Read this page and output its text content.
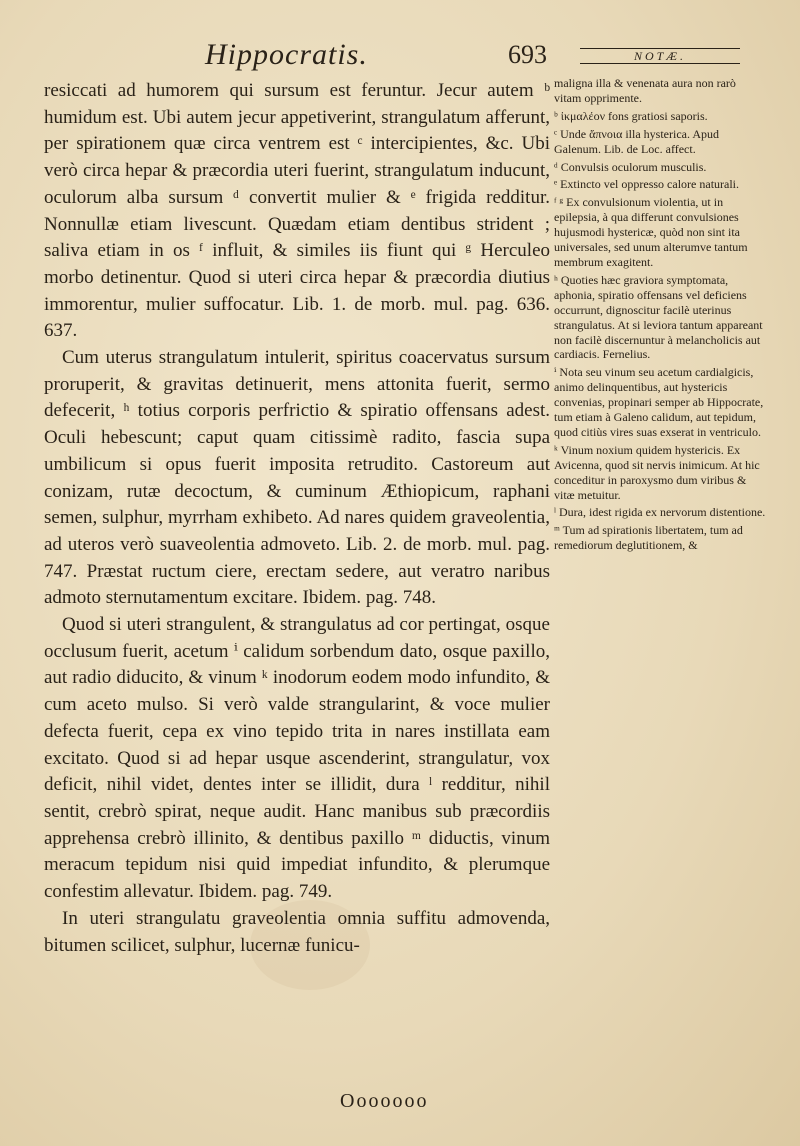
Hippocratis.	693	NOTÆ.

resiccati ad humorem qui sursum est feruntur. Jecur autem ᵇ humidum est. Ubi autem jecur appetiverint, strangulatum afferunt, per spirationem quæ circa ventrem est ᶜ intercipientes, &c. Ubi verò circa hepar & præcordia uteri fuerint, strangulatum inducunt, oculorum alba sursum ᵈ convertit mulier & ᵉ frigida redditur. Nonnullæ etiam livescunt. Quædam etiam dentibus strident ; saliva etiam in os ᶠ influit, & similes iis fiunt qui ᵍ Herculeo morbo detinentur. Quod si uteri circa hepar & præcordia diutius immorentur, mulier suffocatur. Lib. 1. de morb. mul. pag. 636. 637.

Cum uterus strangulatum intulerit, spiritus coacervatus sursum proruperit, & gravitas detinuerit, mens attonita fuerit, sermo defecerit, ʰ totius corporis perfrictio & spiratio offensans adest. Oculi hebescunt; caput quam citissimè radito, fascia supa umbilicum si opus fuerit imposita retrudito. Castoreum aut conizam, rutæ decoctum, & cuminum Æthiopicum, raphani semen, sulphur, myrrham exhibeto. Ad nares quidem graveolentia, ad uteros verò suaveolentia admoveto. Lib. 2. de morb. mul. pag. 747. Præstat ructum ciere, erectam sedere, aut veratro naribus admoto sternutamentum excitare. Ibidem. pag. 748.

Quod si uteri strangulent, & strangulatus ad cor pertingat, osque occlusum fuerit, acetum ⁱ calidum sorbendum dato, osque paxillo, aut radio diducito, & vinum ᵏ inodorum eodem modo infundito, & cum aceto mulso. Si verò valde strangularint, & voce mulier defecta fuerit, cepa ex vino tepido trita in nares instillata eam excitato. Quod si ad hepar usque ascenderint, strangulatur, vox deficit, nihil videt, dentes inter se illidit, dura ˡ redditur, nihil sentit, crebrò spirat, neque audit. Hanc manibus sub præcordiis apprehensa crebrò illinito, & dentibus paxillo ᵐ diductis, vinum meracum tepidum nisi quid impediat infundito, & plerumque confestim allevatur. Ibidem. pag. 749.

In uteri strangulatu graveolentia omnia suffitu admovenda, bitumen scilicet, sulphur, lucernæ funicu-

maligna illa & venenata aura non rarò vitam opprimente.

ᵇ ἰκμαλέον fons gratiosi saporis.

ᶜ Unde ἄπνοια illa hysterica. Apud Galenum. Lib. de Loc. affect.

ᵈ Convulsis oculorum musculis.

ᵉ Extincto vel oppresso calore naturali.

ᶠ ᵍ Ex convulsionum violentia, ut in epilepsia, à qua differunt convulsiones hujusmodi hystericæ, quòd non sint ita universales, sed unum alterumve tantum membrum exagitent.

ʰ Quoties hæc graviora symptomata, aphonia, spiratio offensans vel deficiens occurrunt, dignoscitur facilè uterinus strangulatus. At si leviora tantum appareant non facilè discernuntur à melancholicis aut cardiacis. Fernelius.

ⁱ Nota seu vinum seu acetum cardialgicis, animo delinquentibus, aut hystericis convenias, propinari semper ab Hippocrate, tum etiam à Galeno calidum, aut tepidum, quod citiùs vires suas exserat in ventriculo.

ᵏ Vinum noxium quidem hystericis. Ex Avicenna, quod sit nervis inimicum. At hic conceditur in paroxysmo dum viribus & vitæ metuitur.

ˡ Dura, idest rigida ex nervorum distentione.

ᵐ Tum ad spirationis libertatem, tum ad remediorum deglutitionem, &

Ooooooo
